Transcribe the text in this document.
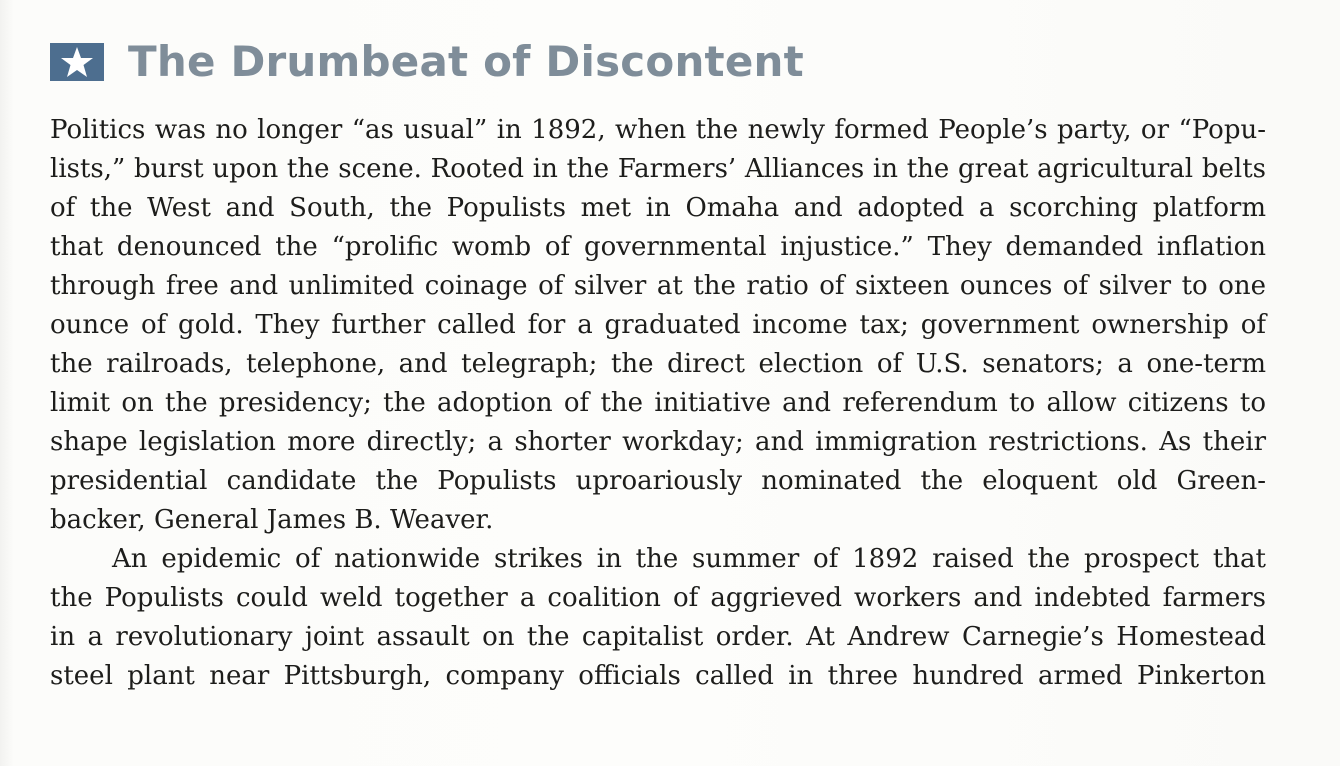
The Drumbeat of Discontent
Politics was no longer “as usual” in 1892, when the newly formed People’s party, or “Popu-
lists,” burst upon the scene. Rooted in the Farmers’ Alliances in the great agricultural belts
of the West and South, the Populists met in Omaha and adopted a scorching platform
that denounced the “prolific womb of governmental injustice.” They demanded inflation
through free and unlimited coinage of silver at the ratio of sixteen ounces of silver to one
ounce of gold. They further called for a graduated income tax; government ownership of
the railroads, telephone, and telegraph; the direct election of U.S. senators; a one-term
limit on the presidency; the adoption of the initiative and referendum to allow citizens to
shape legislation more directly; a shorter workday; and immigration restrictions. As their
presidential candidate the Populists uproariously nominated the eloquent old Green-
backer, General James B. Weaver.
An epidemic of nationwide strikes in the summer of 1892 raised the prospect that
the Populists could weld together a coalition of aggrieved workers and indebted farmers
in a revolutionary joint assault on the capitalist order. At Andrew Carnegie’s Homestead
steel plant near Pittsburgh, company officials called in three hundred armed Pinkerton
